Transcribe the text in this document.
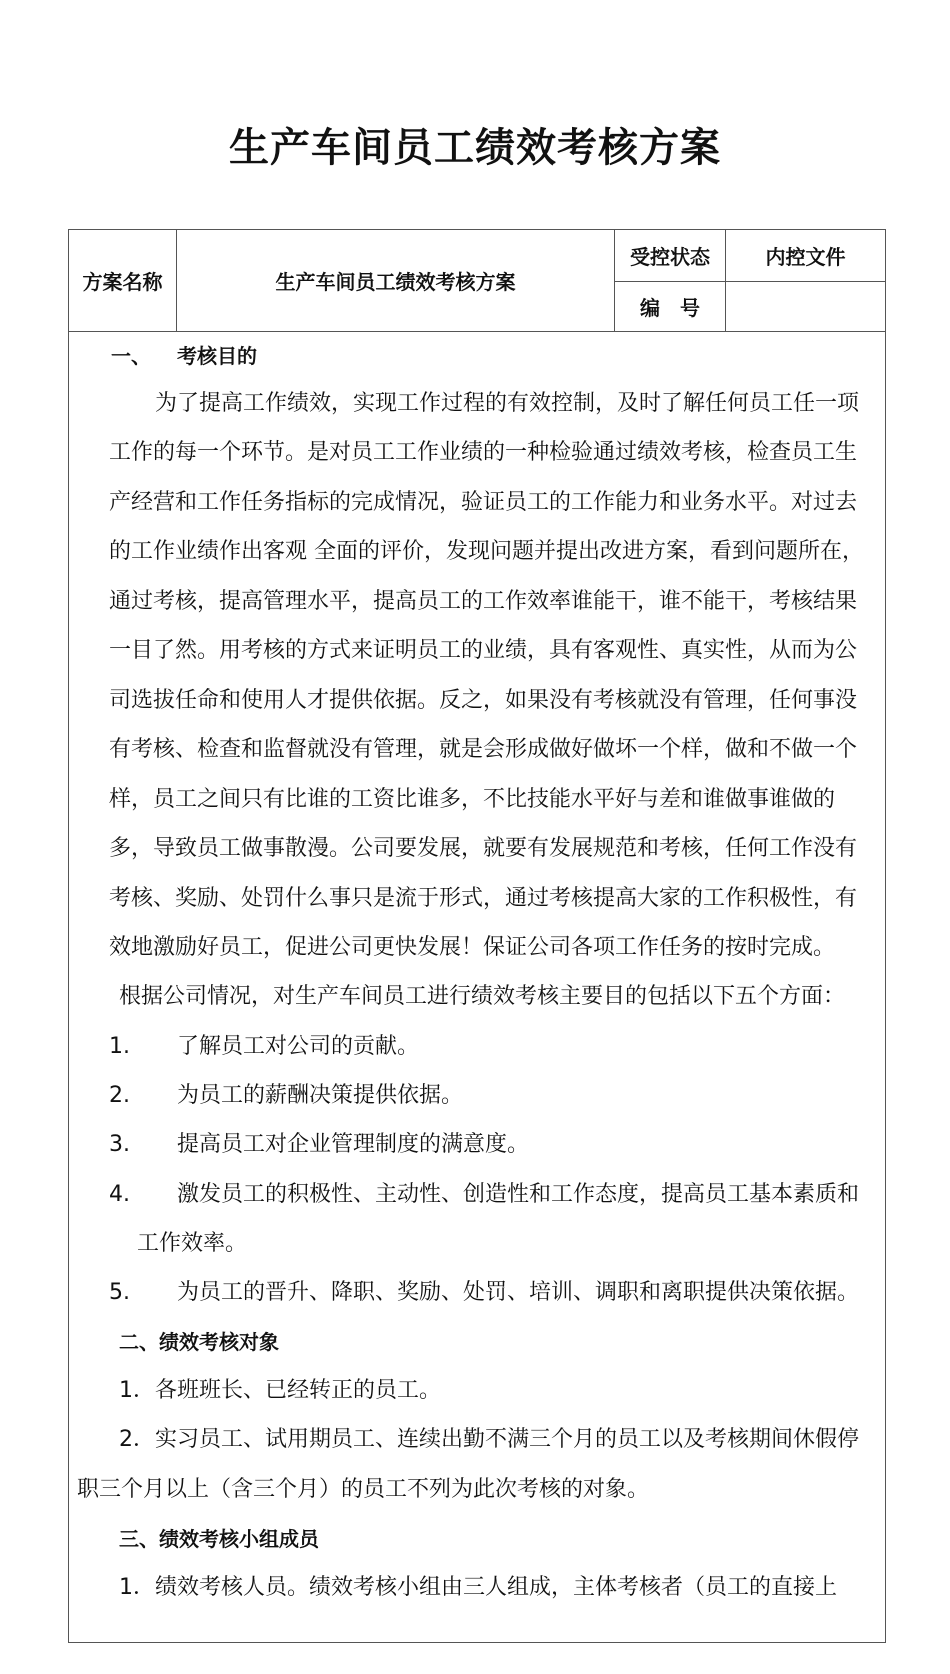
生产车间员工绩效考核方案
方案名称	生产车间员工绩效考核方案
受控状态	内控文件
编　号
一、 考核目的
为了提高工作绩效，实现工作过程的有效控制，及时了解任何员工任一项
工作的每一个环节。是对员工工作业绩的一种检验通过绩效考核，检查员工生
产经营和工作任务指标的完成情况，验证员工的工作能力和业务水平。对过去
的工作业绩作出客观 全面的评价，发现问题并提出改进方案，看到问题所在，
通过考核，提高管理水平，提高员工的工作效率谁能干，谁不能干，考核结果
一目了然。用考核的方式来证明员工的业绩，具有客观性、真实性，从而为公
司选拔任命和使用人才提供依据。反之，如果没有考核就没有管理，任何事没
有考核、检查和监督就没有管理，就是会形成做好做坏一个样，做和不做一个
样，员工之间只有比谁的工资比谁多，不比技能水平好与差和谁做事谁做的
多，导致员工做事散漫。公司要发展，就要有发展规范和考核，任何工作没有
考核、奖励、处罚什么事只是流于形式，通过考核提高大家的工作积极性，有
效地激励好员工，促进公司更快发展！保证公司各项工作任务的按时完成。
根据公司情况，对生产车间员工进行绩效考核主要目的包括以下五个方面：
1. 了解员工对公司的贡献。
2. 为员工的薪酬决策提供依据。
3. 提高员工对企业管理制度的满意度。
4. 激发员工的积极性、主动性、创造性和工作态度，提高员工基本素质和
工作效率。
5. 为员工的晋升、降职、奖励、处罚、培训、调职和离职提供决策依据。
二、绩效考核对象
1．各班班长、已经转正的员工。
2．实习员工、试用期员工、连续出勤不满三个月的员工以及考核期间休假停
职三个月以上（含三个月）的员工不列为此次考核的对象。
三、绩效考核小组成员
1．绩效考核人员。绩效考核小组由三人组成，主体考核者（员工的直接上
